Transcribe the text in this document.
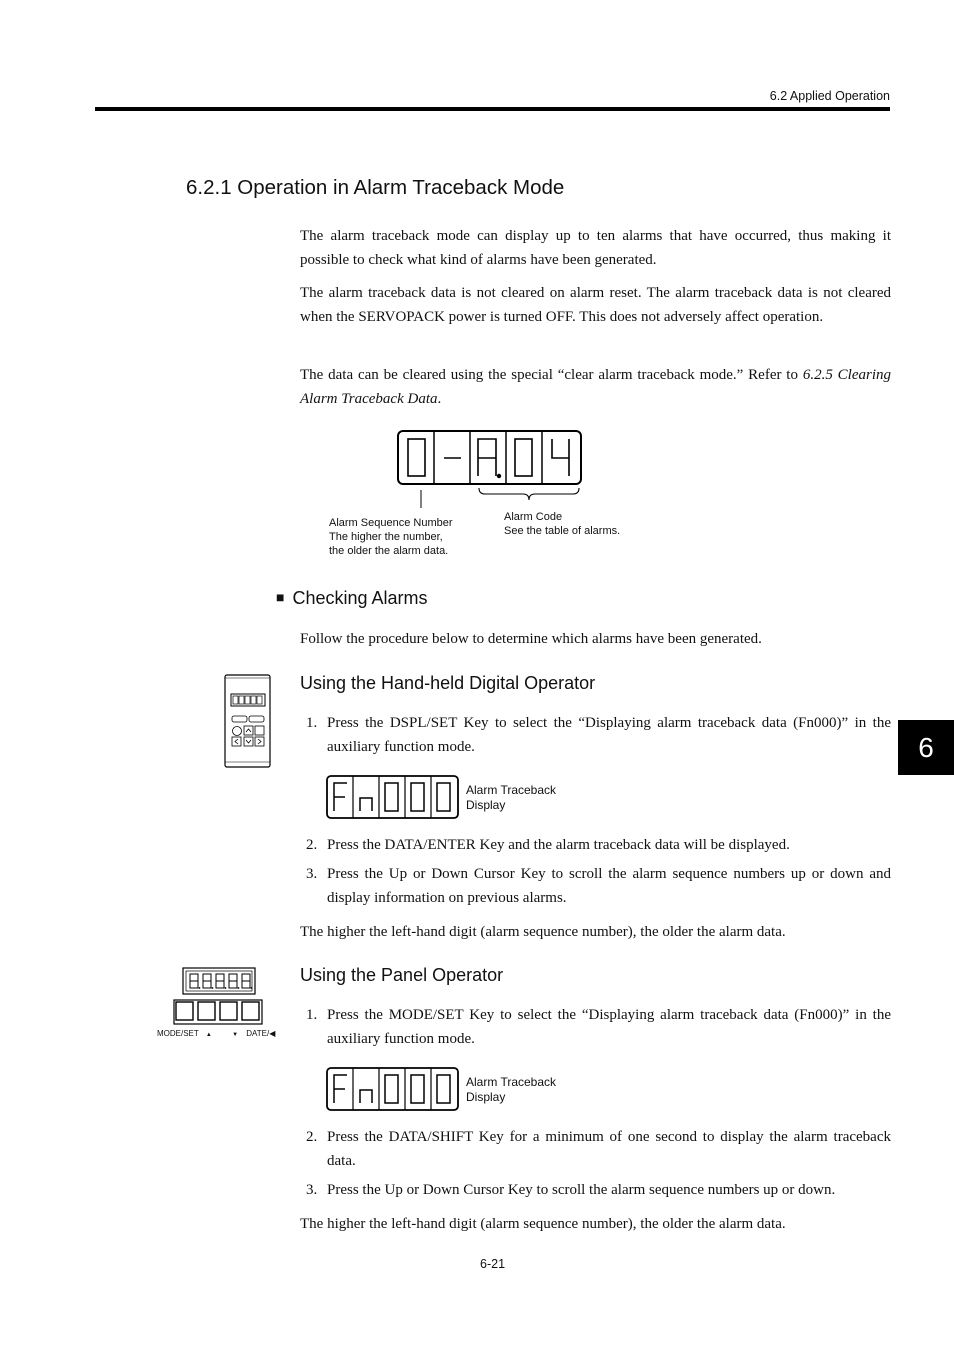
6.2 Applied Operation
6
6.2.1 Operation in Alarm Traceback Mode

The alarm traceback mode can display up to ten alarms that have occurred, thus making it possible to check what kind of alarms have been generated.

The alarm traceback data is not cleared on alarm reset. The alarm traceback data is not cleared when the SERVOPACK power is turned OFF. This does not adversely affect operation.

The data can be cleared using the special “clear alarm traceback mode.” Refer to 6.2.5 Clearing Alarm Traceback Data.

Alarm Sequence Number
The higher the number,
the older the alarm data.
Alarm Code
See the table of alarms.
■ Checking Alarms

Follow the procedure below to determine which alarms have been generated.

Using the Hand-held Digital Operator
1. Press the DSPL/SET Key to select the “Displaying alarm traceback data (Fn000)” in the auxiliary function mode.
Alarm Traceback
Display
2. Press the DATA/ENTER Key and the alarm traceback data will be displayed.
3. Press the Up or Down Cursor Key to scroll the alarm sequence numbers up or down and display information on previous alarms.

The higher the left-hand digit (alarm sequence number), the older the alarm data.

MODE/SET ▲	▼ DATE/◀
Using the Panel Operator
1. Press the MODE/SET Key to select the “Displaying alarm traceback data (Fn000)” in the auxiliary function mode.
Alarm Traceback
Display
2. Press the DATA/SHIFT Key for a minimum of one second to display the alarm traceback data.
3. Press the Up or Down Cursor Key to scroll the alarm sequence numbers up or down.

The higher the left-hand digit (alarm sequence number), the older the alarm data.

6-21
